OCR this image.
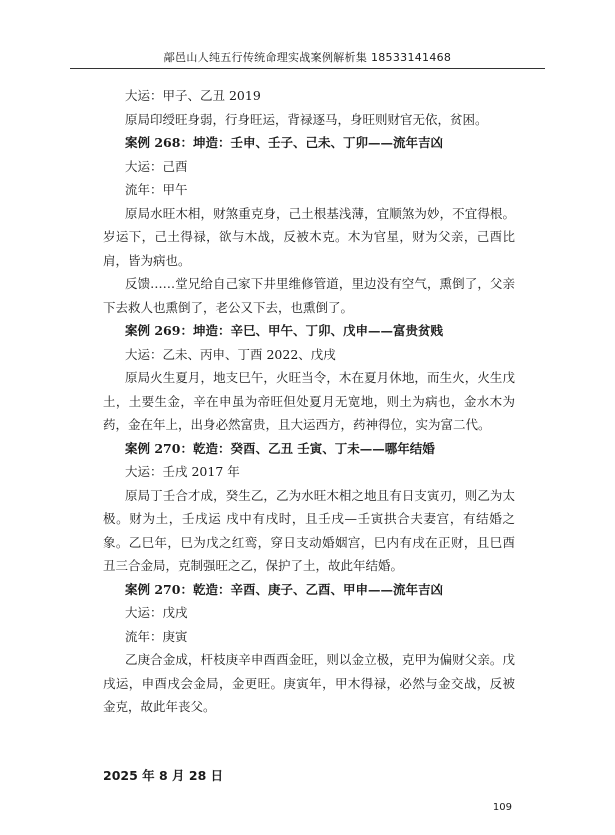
鄗邑山人纯五行传统命理实战案例解析集 18533141468

大运：甲子、乙丑 2019

原局印绶旺身弱，行身旺运，背禄逐马，身旺则财官无依，贫困。

案例 268：坤造：壬申、壬子、己未、丁卯——流年吉凶

大运：己酉

流年：甲午

原局水旺木相，财煞重克身，己土根基浅薄，宜顺煞为妙，不宜得根。岁运下，己土得禄，欲与木战，反被木克。木为官星，财为父亲，己酉比肩，皆为病也。

反馈……堂兄给自己家下井里维修管道，里边没有空气，熏倒了，父亲下去救人也熏倒了，老公又下去，也熏倒了。

案例 269：坤造：辛巳、甲午、丁卯、戊申——富贵贫贱

大运：乙未、丙申、丁酉 2022、戊戌

原局火生夏月，地支巳午，火旺当令，木在夏月休地，而生火，火生戊土，土要生金，辛在申虽为帝旺但处夏月无宽地，则土为病也，金水木为药，金在年上，出身必然富贵，且大运西方，药神得位，实为富二代。

案例 270：乾造：癸酉、乙丑 壬寅、丁未——哪年结婚

大运：壬戌 2017 年

原局丁壬合才成，癸生乙，乙为水旺木相之地且有日支寅刃，则乙为太极。财为土，壬戌运 戌中有戌时，且壬戌—壬寅拱合夫妻宫，有结婚之象。乙巳年，巳为戊之红鸾，穿日支动婚姻宫，巳内有戌在正财，且巳酉丑三合金局，克制强旺之乙，保护了土，故此年结婚。

案例 270：乾造：辛酉、庚子、乙酉、甲申——流年吉凶

大运：戊戌

流年：庚寅

乙庚合金成，杆枝庚辛申酉酉金旺，则以金立极，克甲为偏财父亲。戊戌运，申酉戌会金局，金更旺。庚寅年，甲木得禄，必然与金交战，反被金克，故此年丧父。

2025 年 8 月 28 日
109
